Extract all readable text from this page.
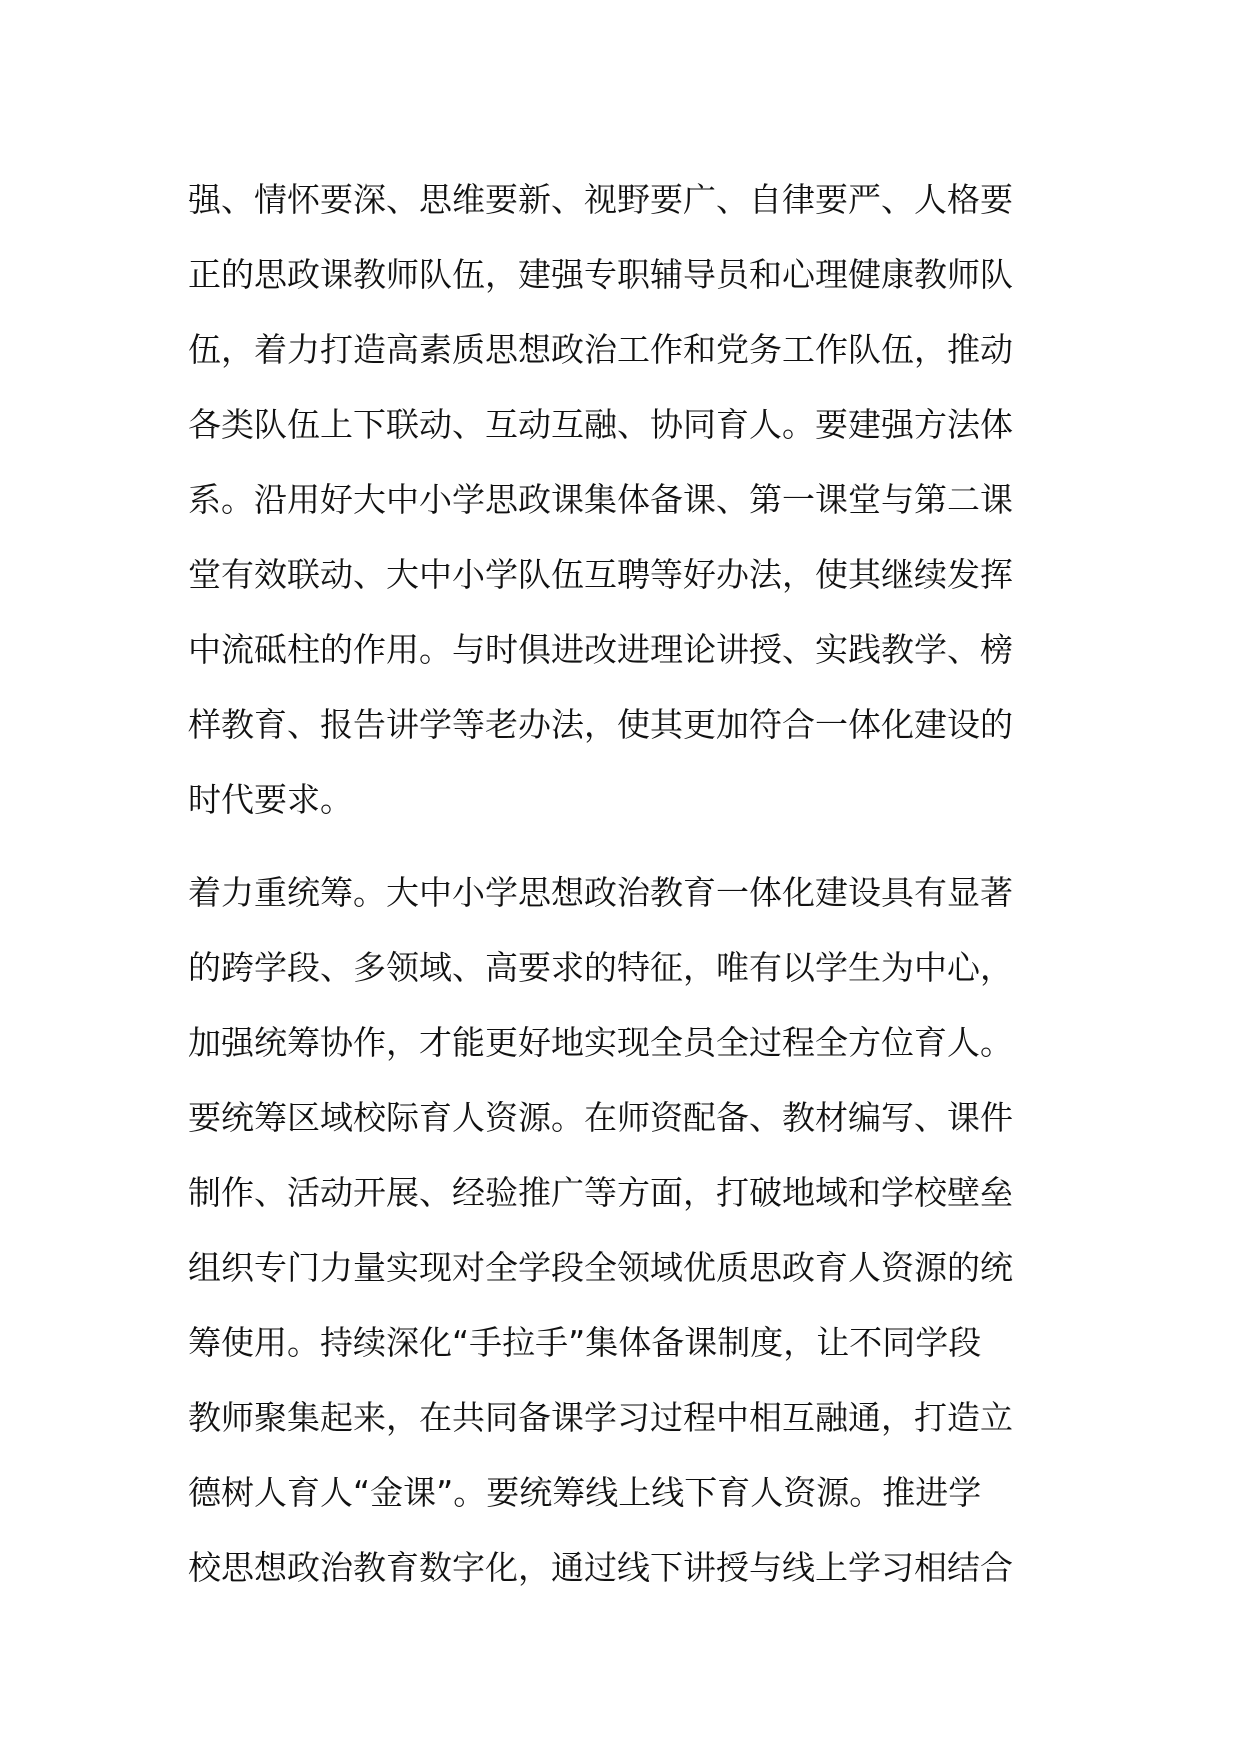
强、情怀要深、思维要新、视野要广、自律要严、人格要
正的思政课教师队伍，建强专职辅导员和心理健康教师队
伍，着力打造高素质思想政治工作和党务工作队伍，推动
各类队伍上下联动、互动互融、协同育人。要建强方法体
系。沿用好大中小学思政课集体备课、第一课堂与第二课
堂有效联动、大中小学队伍互聘等好办法，使其继续发挥
中流砥柱的作用。与时俱进改进理论讲授、实践教学、榜
样教育、报告讲学等老办法，使其更加符合一体化建设的
时代要求。
着力重统筹。大中小学思想政治教育一体化建设具有显著
的跨学段、多领域、高要求的特征，唯有以学生为中心，
加强统筹协作，才能更好地实现全员全过程全方位育人。
要统筹区域校际育人资源。在师资配备、教材编写、课件
制作、活动开展、经验推广等方面，打破地域和学校壁垒
组织专门力量实现对全学段全领域优质思政育人资源的统
筹使用。持续深化“手拉手”集体备课制度，让不同学段
教师聚集起来，在共同备课学习过程中相互融通，打造立
德树人育人“金课”。要统筹线上线下育人资源。推进学
校思想政治教育数字化，通过线下讲授与线上学习相结合
